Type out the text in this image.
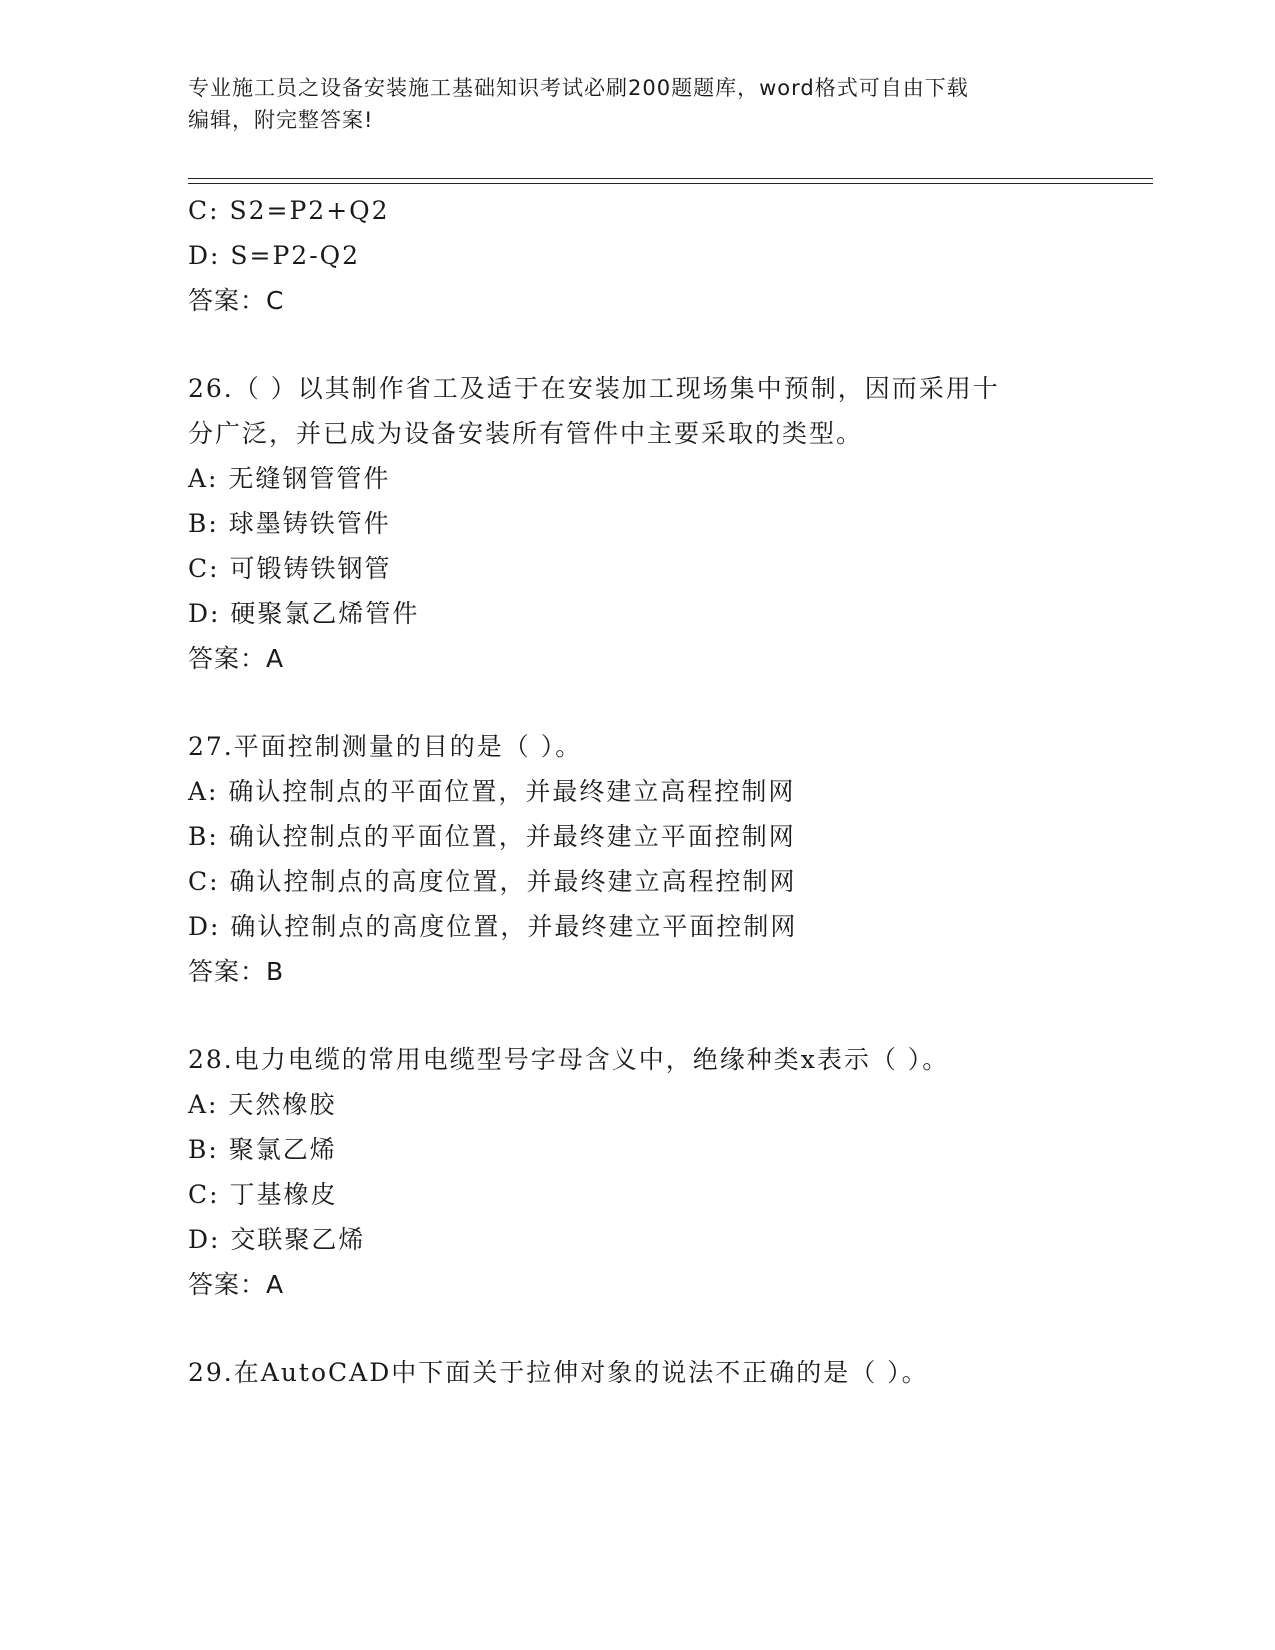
专业施工员之设备安装施工基础知识考试必刷200题题库，word格式可自由下载
编辑，附完整答案!
C: S2=P2+Q2
D: S=P2-Q2
答案：C
26.（ ）以其制作省工及适于在安装加工现场集中预制，因而采用十
分广泛，并已成为设备安装所有管件中主要采取的类型。
A: 无缝钢管管件
B: 球墨铸铁管件
C: 可锻铸铁钢管
D: 硬聚氯乙烯管件
答案：A
27.平面控制测量的目的是（ ）。
A: 确认控制点的平面位置，并最终建立高程控制网
B: 确认控制点的平面位置，并最终建立平面控制网
C: 确认控制点的高度位置，并最终建立高程控制网
D: 确认控制点的高度位置，并最终建立平面控制网
答案：B
28.电力电缆的常用电缆型号字母含义中，绝缘种类x表示（ ）。
A: 天然橡胶
B: 聚氯乙烯
C: 丁基橡皮
D: 交联聚乙烯
答案：A
29.在AutoCAD中下面关于拉伸对象的说法不正确的是（ ）。
